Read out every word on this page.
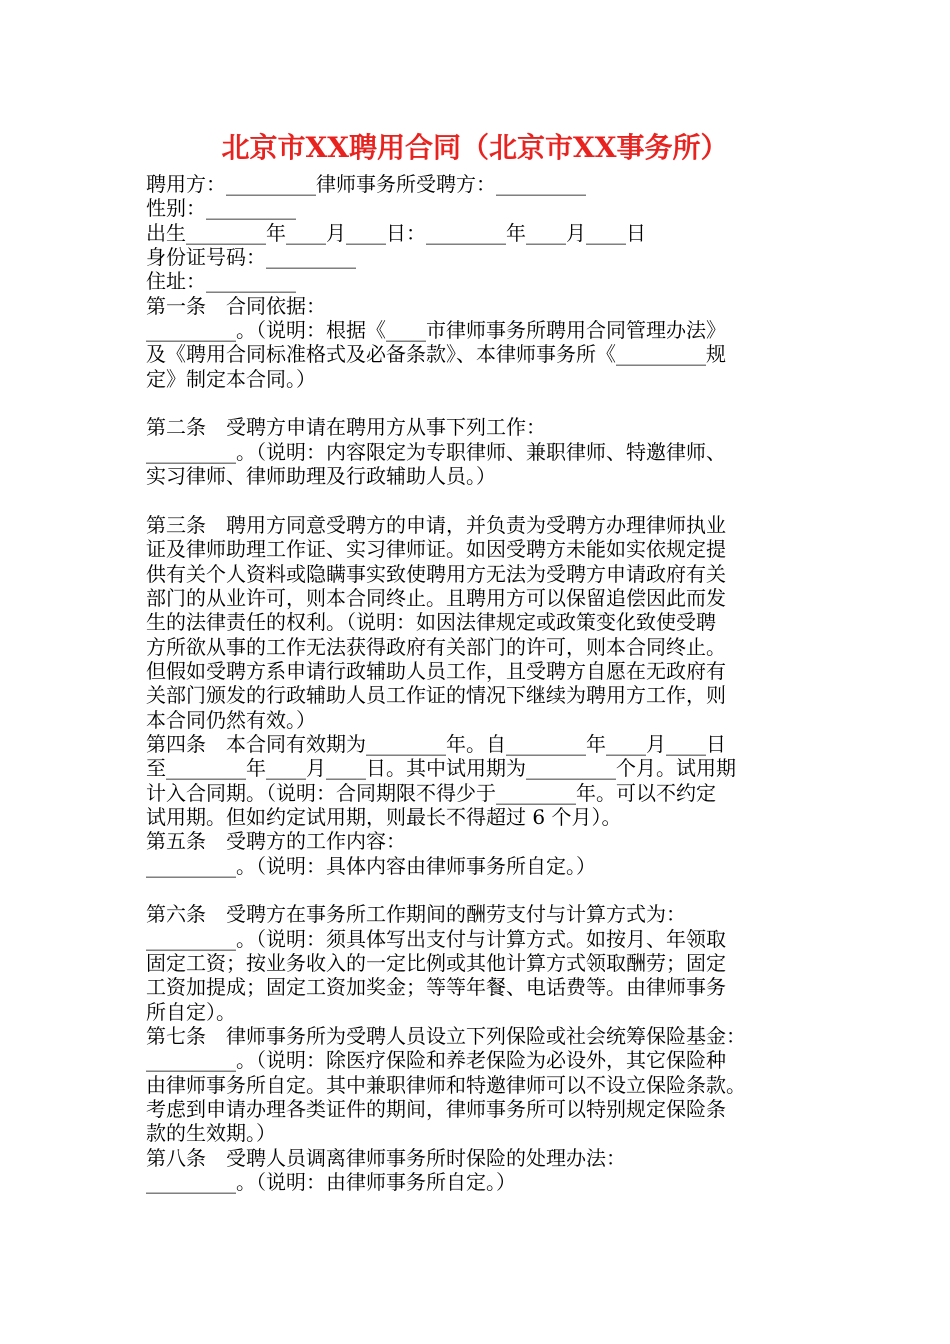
北京市XX聘用合同（北京市XX事务所）
聘用方：_________律师事务所受聘方：_________
性别：_________
出生________年____月____日：________年____月____日
身份证号码：_________
住址：_________
第一条　合同依据：
_________。（说明：根据《____市律师事务所聘用合同管理办法》
及《聘用合同标准格式及必备条款》、本律师事务所《_________规
定》制定本合同。）
第二条　受聘方申请在聘用方从事下列工作：
_________。（说明：内容限定为专职律师、兼职律师、特邀律师、
实习律师、律师助理及行政辅助人员。）
第三条　聘用方同意受聘方的申请，并负责为受聘方办理律师执业
证及律师助理工作证、实习律师证。如因受聘方未能如实依规定提
供有关个人资料或隐瞒事实致使聘用方无法为受聘方申请政府有关
部门的从业许可，则本合同终止。且聘用方可以保留追偿因此而发
生的法律责任的权利。（说明：如因法律规定或政策变化致使受聘
方所欲从事的工作无法获得政府有关部门的许可，则本合同终止。
但假如受聘方系申请行政辅助人员工作，且受聘方自愿在无政府有
关部门颁发的行政辅助人员工作证的情况下继续为聘用方工作，则
本合同仍然有效。）
第四条　本合同有效期为________年。自________年____月____日
至________年____月____日。其中试用期为_________个月。试用期
计入合同期。（说明：合同期限不得少于________年。可以不约定
试用期。但如约定试用期，则最长不得超过 6 个月）。
第五条　受聘方的工作内容：
_________。（说明：具体内容由律师事务所自定。）
第六条　受聘方在事务所工作期间的酬劳支付与计算方式为：
_________。（说明：须具体写出支付与计算方式。如按月、年领取
固定工资；按业务收入的一定比例或其他计算方式领取酬劳；固定
工资加提成；固定工资加奖金；等等年餐、电话费等。由律师事务
所自定）。
第七条　律师事务所为受聘人员设立下列保险或社会统筹保险基金：
_________。（说明：除医疗保险和养老保险为必设外，其它保险种
由律师事务所自定。其中兼职律师和特邀律师可以不设立保险条款。
考虑到申请办理各类证件的期间，律师事务所可以特别规定保险条
款的生效期。）
第八条　受聘人员调离律师事务所时保险的处理办法：
_________。（说明：由律师事务所自定。）
